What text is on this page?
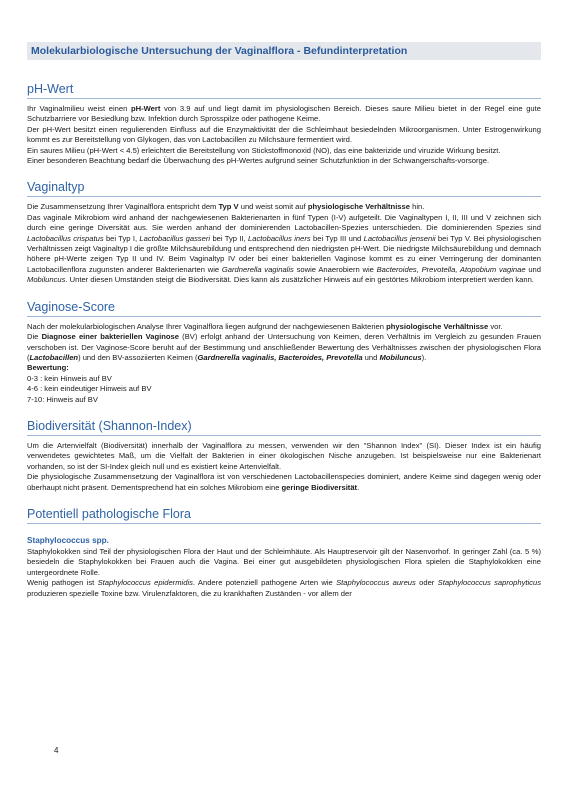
Molekularbiologische Untersuchung der Vaginalflora - Befundinterpretation
pH-Wert

Ihr Vaginalmilieu weist einen pH-Wert von 3.9 auf und liegt damit im physiologischen Bereich. Dieses saure Milieu bietet in der Regel eine gute Schutzbarriere vor Besiedlung bzw. Infektion durch Sprosspilze oder pathogene Keime.

Der pH-Wert besitzt einen regulierenden Einfluss auf die Enzymaktivität der die Schleimhaut besiedelnden Mikroorganismen. Unter Estrogenwirkung kommt es zur Bereitstellung von Glykogen, das von Lactobacillen zu Milchsäure fermentiert wird.

Ein saures Milieu (pH-Wert < 4.5) erleichtert die Bereitstellung von Stickstoffmonoxid (NO), das eine bakterizide und viruzide Wirkung besitzt.

Einer besonderen Beachtung bedarf die Überwachung des pH-Wertes aufgrund seiner Schutzfunktion in der Schwangerschafts-vorsorge.

Vaginaltyp

Die Zusammensetzung Ihrer Vaginalflora entspricht dem Typ V und weist somit auf physiologische Verhältnisse hin.

Das vaginale Mikrobiom wird anhand der nachgewiesenen Bakterienarten in fünf Typen (I-V) aufgeteilt. Die Vaginaltypen I, II, III und V zeichnen sich durch eine geringe Diversität aus. Sie werden anhand der dominierenden Lactobacillen-Spezies unterschieden. Die dominierenden Spezies sind Lactobacillus crispatus bei Typ I, Lactobacillus gasseri bei Typ II, Lactobacillus iners bei Typ III und Lactobacillus jensenii bei Typ V. Bei physiologischen Verhältnissen zeigt Vaginaltyp I die größte Milchsäurebildung und entsprechend den niedrigsten pH-Wert. Die niedrigste Milchsäurebildung und demnach höhere pH-Werte zeigen Typ II und IV. Beim Vaginaltyp IV oder bei einer bakteriellen Vaginose kommt es zu einer Verringerung der dominanten Lactobacillenflora zugunsten anderer Bakterienarten wie Gardnerella vaginalis sowie Anaerobiern wie Bacteroides, Prevotella, Atopobium vaginae und Mobiluncus. Unter diesen Umständen steigt die Biodiversität. Dies kann als zusätzlicher Hinweis auf ein gestörtes Mikrobiom interpretiert werden kann.

Vaginose-Score

Nach der molekularbiologischen Analyse Ihrer Vaginalflora liegen aufgrund der nachgewiesenen Bakterien physiologische Verhältnisse vor.

Die Diagnose einer bakteriellen Vaginose (BV) erfolgt anhand der Untersuchung von Keimen, deren Verhältnis im Vergleich zu gesunden Frauen verschoben ist. Der Vaginose-Score beruht auf der Bestimmung und anschließender Bewertung des Verhältnisses zwischen der physiologischen Flora (Lactobacillen) und den BV-assoziierten Keimen (Gardnerella vaginalis, Bacteroides, Prevotella und Mobiluncus).

Bewertung:

0-3 : kein Hinweis auf BV

4-6 : kein eindeutiger Hinweis auf BV

7-10: Hinweis auf BV

Biodiversität (Shannon-Index)

Um die Artenvielfalt (Biodiversität) innerhalb der Vaginalflora zu messen, verwenden wir den "Shannon Index" (SI). Dieser Index ist ein häufig verwendetes gewichtetes Maß, um die Vielfalt der Bakterien in einer ökologischen Nische anzugeben. Ist beispielsweise nur eine Bakterienart vorhanden, so ist der SI-Index gleich null und es existiert keine Artenvielfalt.

Die physiologische Zusammensetzung der Vaginalflora ist von verschiedenen Lactobacillenspecies dominiert, andere Keime sind dagegen wenig oder überhaupt nicht präsent. Dementsprechend hat ein solches Mikrobiom eine geringe Biodiversität.

Potentiell pathologische Flora
Staphylococcus spp.

Staphylokokken sind Teil der physiologischen Flora der Haut und der Schleimhäute. Als Hauptreservoir gilt der Nasenvorhof. In geringer Zahl (ca. 5 %) besiedeln die Staphylokokken bei Frauen auch die Vagina. Bei einer gut ausgebildeten physiologischen Flora spielen die Staphylokokken eine untergeordnete Rolle.

Wenig pathogen ist Staphylococcus epidermidis. Andere potenziell pathogene Arten wie Staphylococcus aureus oder Staphylococcus saprophyticus produzieren spezielle Toxine bzw. Virulenzfaktoren, die zu krankhaften Zuständen - vor allem der

4
